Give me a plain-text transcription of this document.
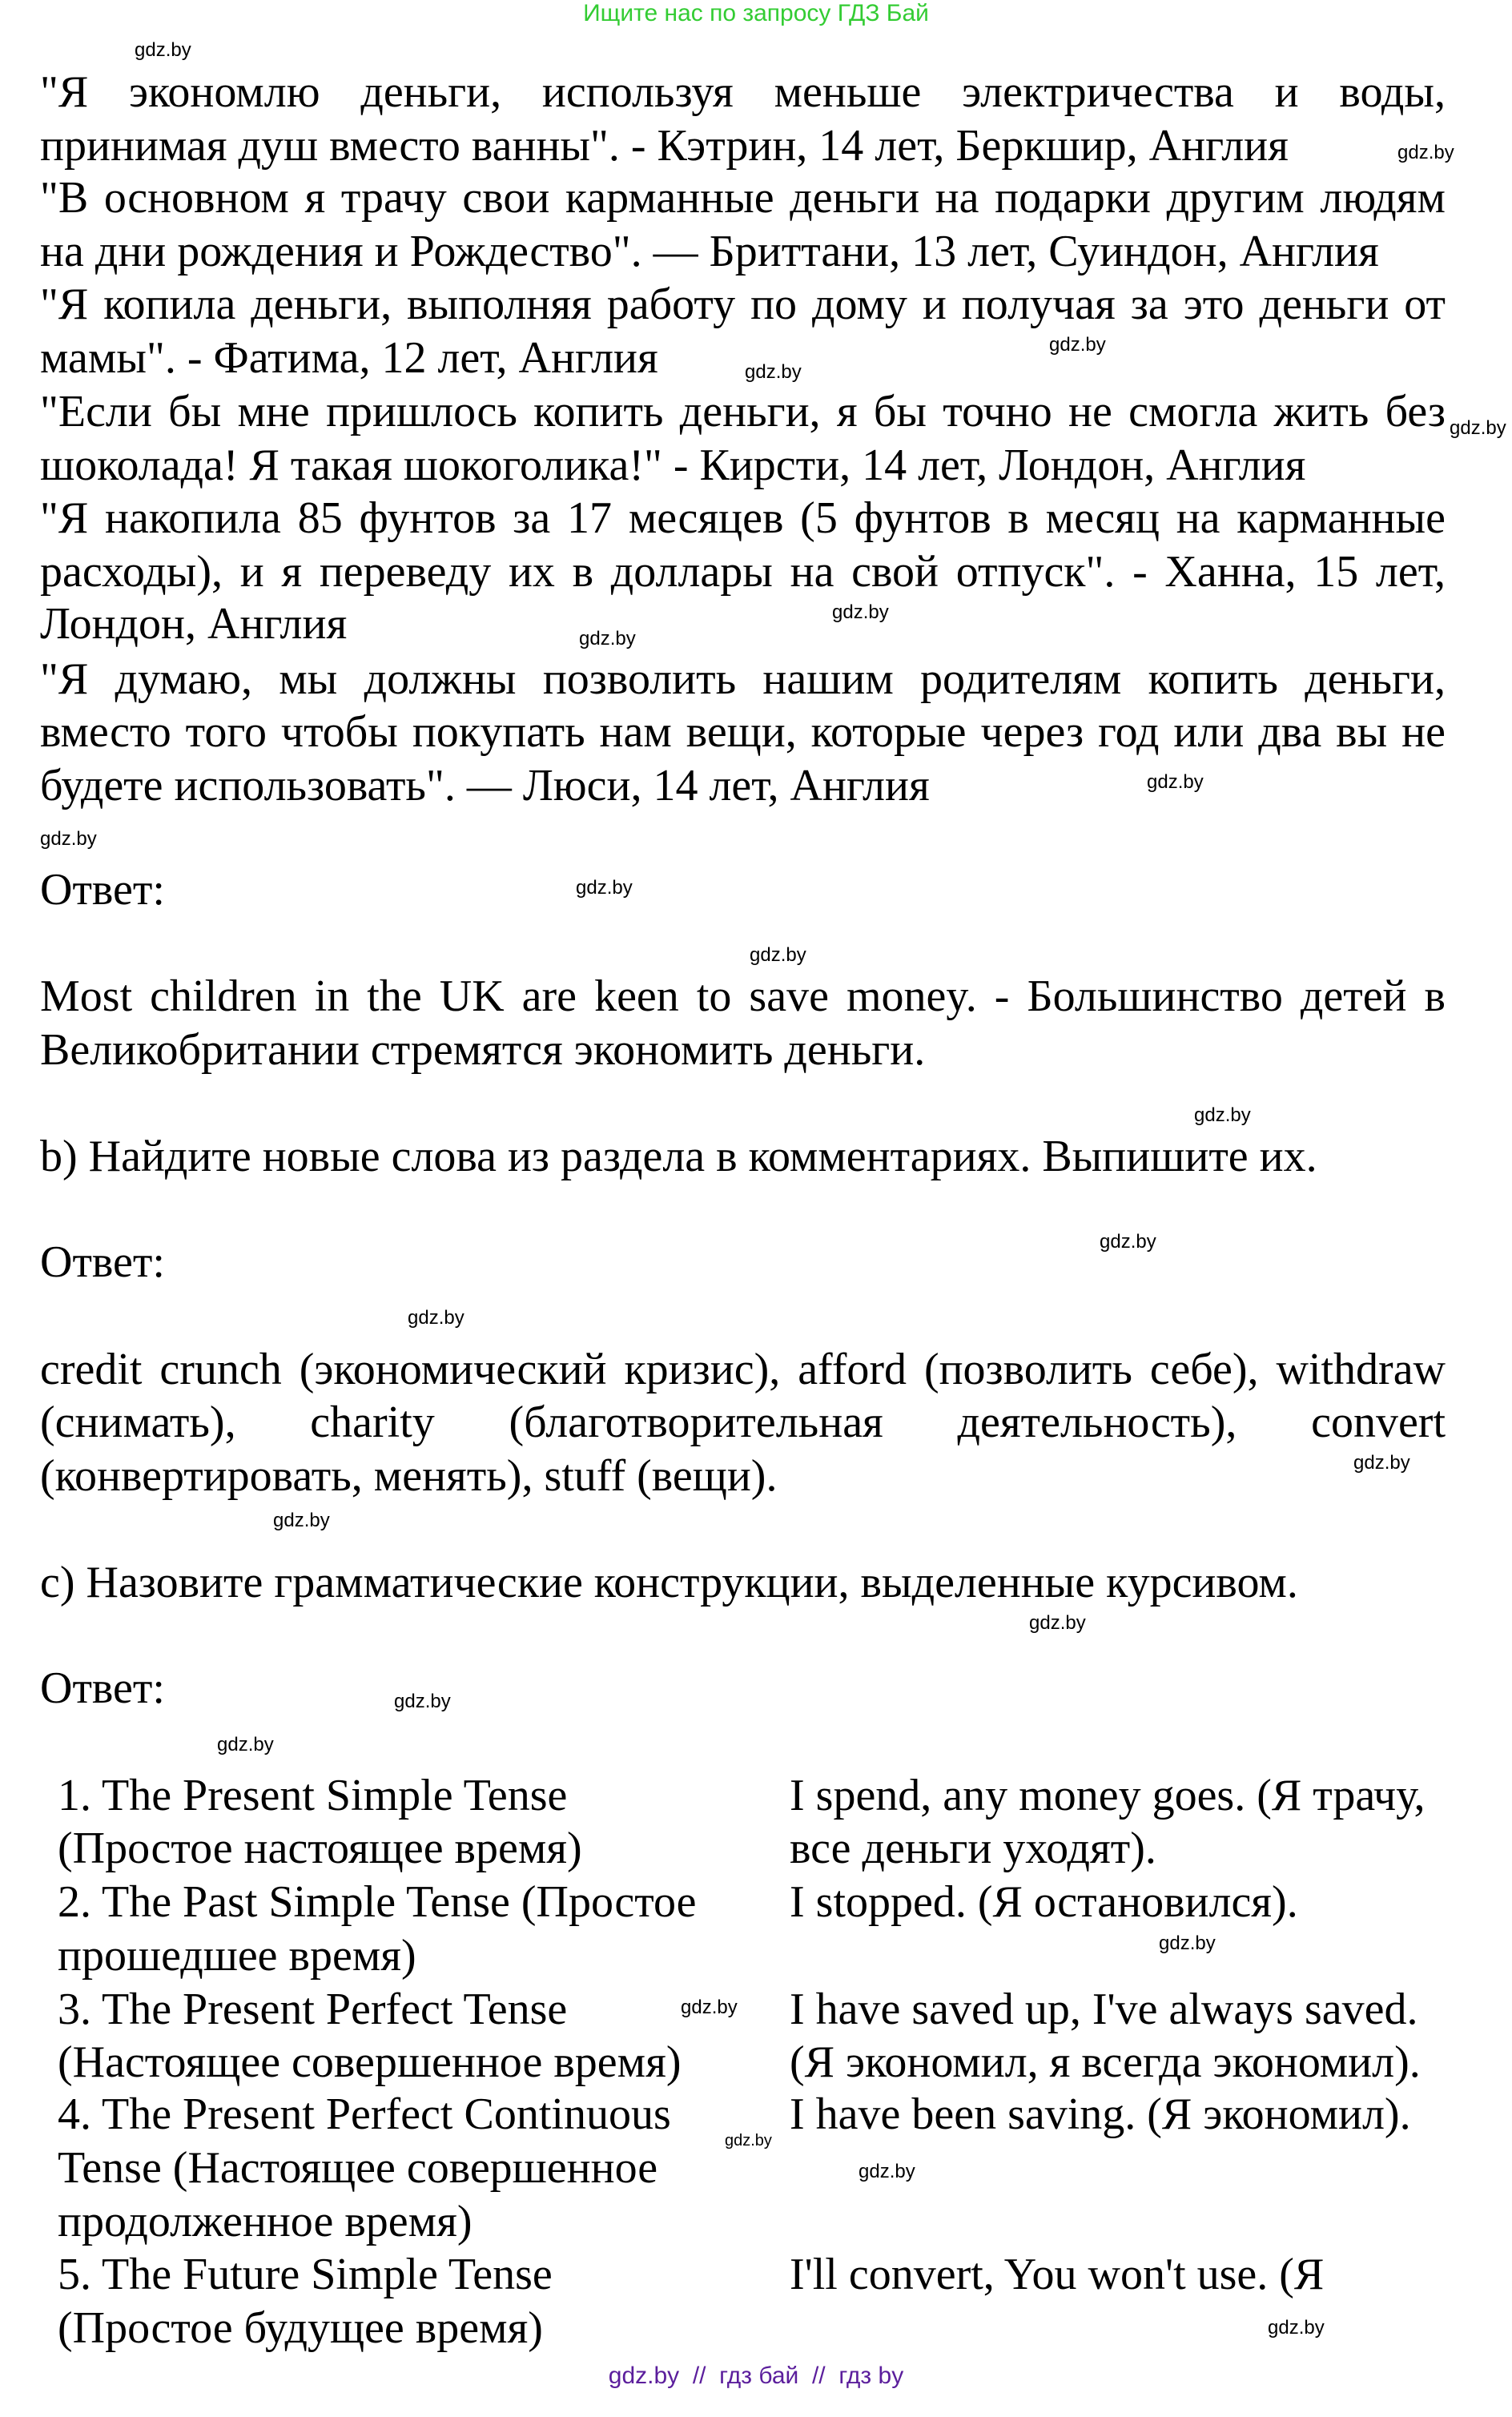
Ищите нас по запросу ГДЗ Бай
"Я экономлю деньги, используя меньше электричества и воды,
принимая душ вместо ванны". - Кэтрин, 14 лет, Беркшир, Англия
"В основном я трачу свои карманные деньги на подарки другим людям
на дни рождения и Рождество". — Бриттани, 13 лет, Суиндон, Англия
"Я копила деньги, выполняя работу по дому и получая за это деньги от
мамы". - Фатима, 12 лет, Англия
"Если бы мне пришлось копить деньги, я бы точно не смогла жить без
шоколада! Я такая шокоголика!" - Кирсти, 14 лет, Лондон, Англия
"Я накопила 85 фунтов за 17 месяцев (5 фунтов в месяц на карманные
расходы), и я переведу их в доллары на свой отпуск". - Ханна, 15 лет,
Лондон, Англия
"Я думаю, мы должны позволить нашим родителям копить деньги,
вместо того чтобы покупать нам вещи, которые через год или два вы не
будете использовать". — Люси, 14 лет, Англия
Ответ:
Most children in the UK are keen to save money. - Большинство детей в
Великобритании стремятся экономить деньги.
b) Найдите новые слова из раздела в комментариях. Выпишите их.
Ответ:
credit crunch (экономический кризис), afford (позволить себе), withdraw
(снимать), charity (благотворительная деятельность), convert
(конвертировать, менять), stuff (вещи).
c) Назовите грамматические конструкции, выделенные курсивом.
Ответ:
1. The Present Simple Tense
(Простое настоящее время)
I spend, any money goes. (Я трачу,
все деньги уходят).
2. The Past Simple Tense (Простое
прошедшее время)
I stopped. (Я остановился).
3. The Present Perfect Tense
(Настоящее совершенное время)
I have saved up, I've always saved.
(Я экономил, я всегда экономил).
4. The Present Perfect Continuous
Tense (Настоящее совершенное
продолженное время)
I have been saving. (Я экономил).
5. The Future Simple Tense
(Простое будущее время)
I'll convert, You won't use. (Я
gdz.by
gdz.by
gdz.by
gdz.by
gdz.by
gdz.by
gdz.by
gdz.by
gdz.by
gdz.by
gdz.by
gdz.by
gdz.by
gdz.by
gdz.by
gdz.by
gdz.by
gdz.by
gdz.by
gdz.by
gdz.by
gdz.by
gdz.by
gdz.by
gdz.by  //  гдз бай  //  гдз by
